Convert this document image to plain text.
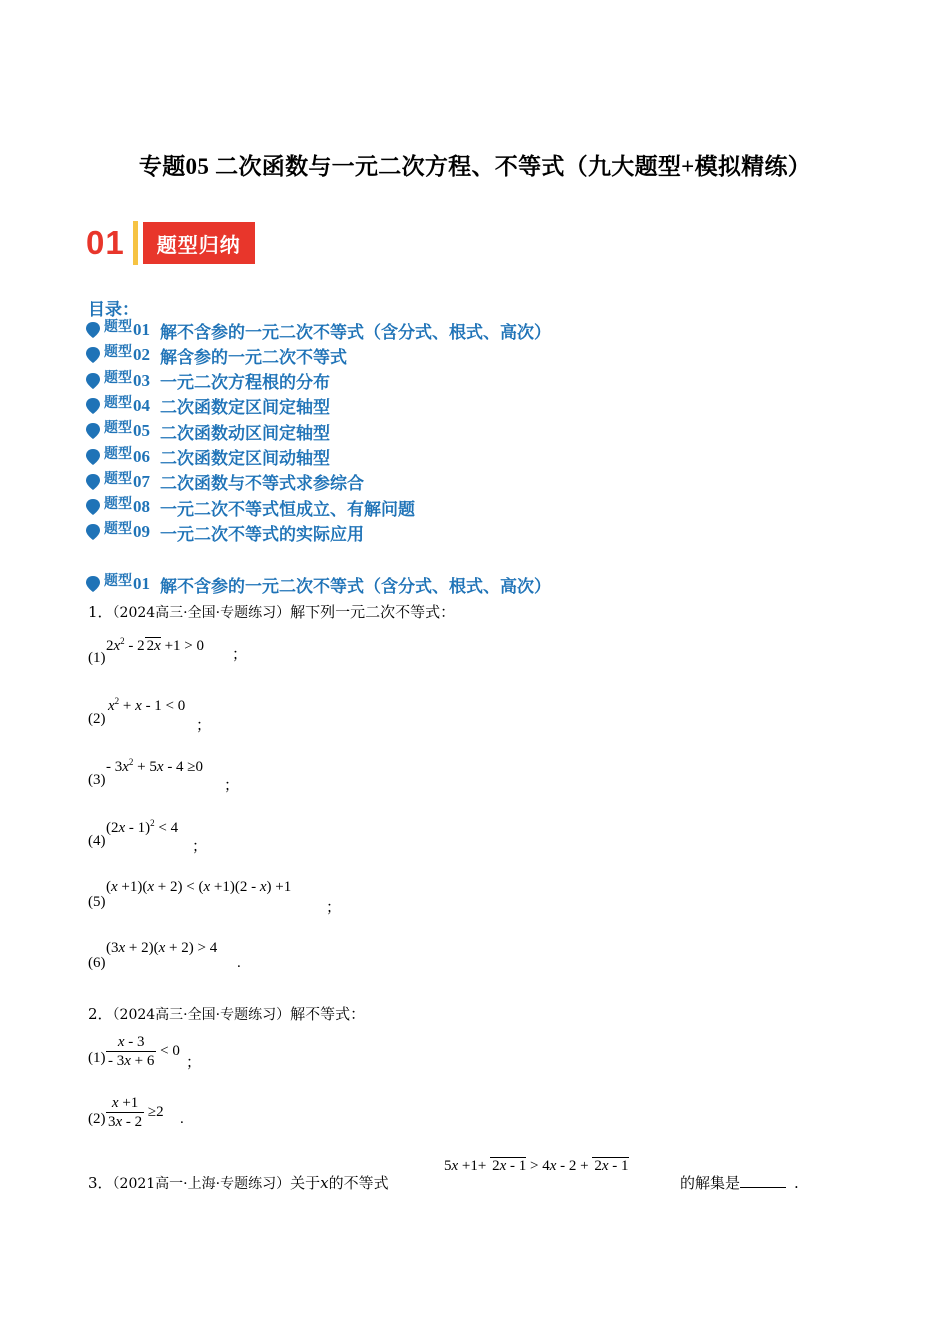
专题05 二次函数与一元二次方程、不等式（九大题型+模拟精练）
01	题型归纳
目录：
题型 01 解不含参的一元二次不等式（含分式、根式、高次）
题型 02 解含参的一元二次不等式
题型 03 一元二次方程根的分布
题型 04 二次函数定区间定轴型
题型 05 二次函数动区间定轴型
题型 06 二次函数定区间动轴型
题型 07 二次函数与不等式求参综合
题型 08 一元二次不等式恒成立、有解问题
题型 09 一元二次不等式的实际应用
题型 01 解不含参的一元二次不等式（含分式、根式、高次）
1．（2024高三·全国·专题练习）解下列一元二次不等式：
(1)
$2x^2 - 2$ 2x +1 > 0
；
(2)
$x^2 + x - 1 < 0$
；
(3)
- $3x^2 + 5x - 4 \ge 0$
；
(4)
(2x - 1)$^2$ < 4
；
(5)
(x +1)(x + 2) < (x +1)(2 - x) +1
；
(6)
(3x + 2)(x + 2) > 4
.
2．（2024高三·全国·专题练习）解不等式：
$(1) \frac{x - 3}{- 3x + 6} < 0$
；
$(2) \frac{x +1}{3x - 2} \ge 2$ .
3．（2021高一·上海·专题练习）关于x的不等式
5x +1+ 2x - 1 > 4x - 2 + 2x - 1
的解集是	.
